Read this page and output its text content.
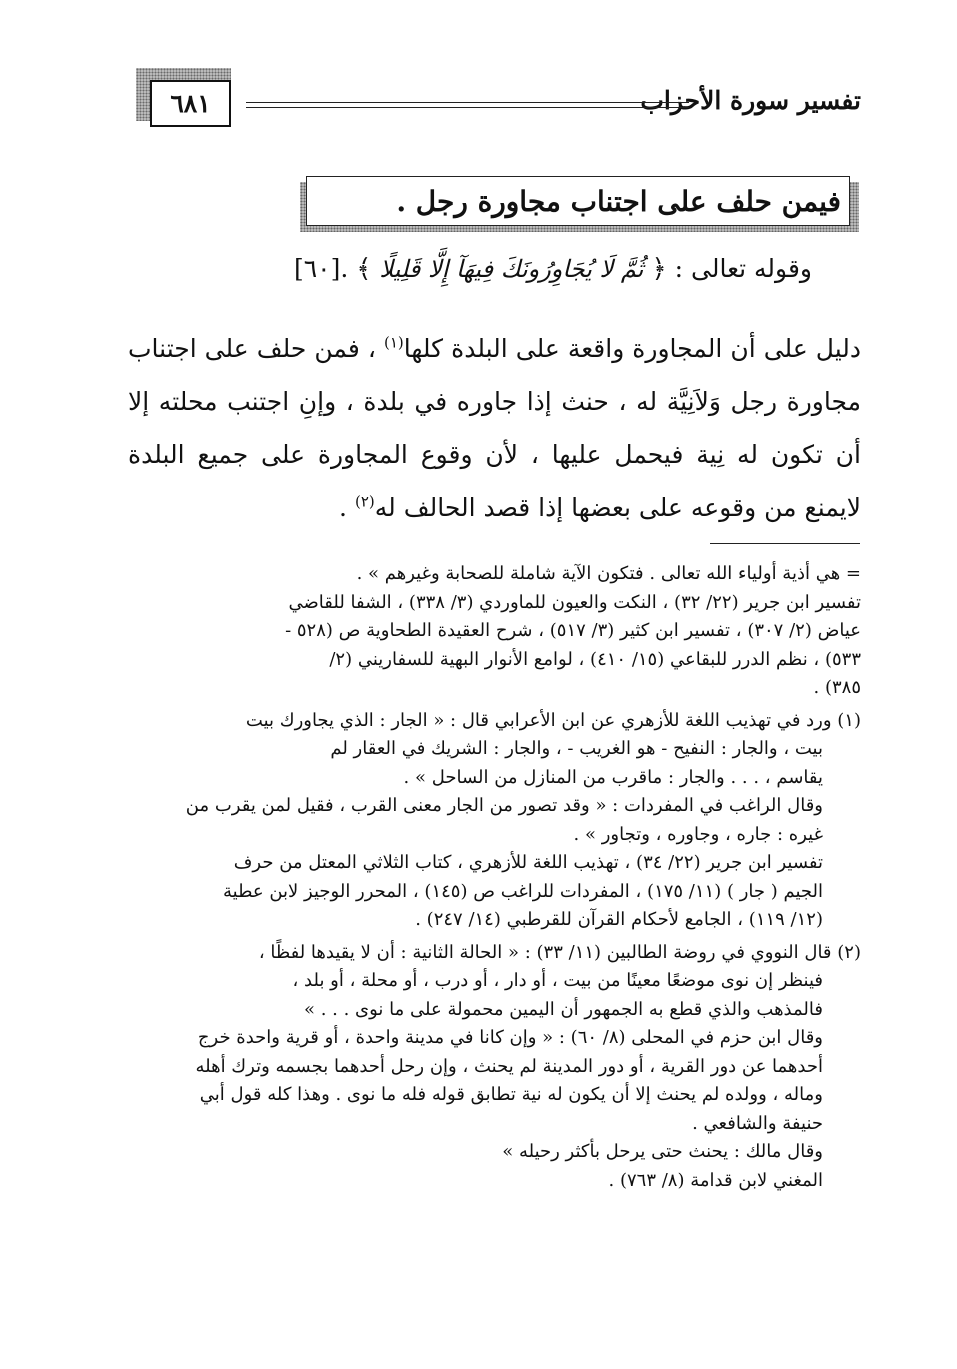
تفسير سورة الأحزاب
٦٨١
فيمن حلف على اجتناب مجاورة رجل .
وقوله تعالى : ﴿ ثُمَّ لَا يُجَاوِرُونَكَ فِيهَآ إِلَّا قَلِيلًا ﴾ .[٦٠]
دليل على أن المجاورة واقعة على البلدة كلها$^{(١)}$ ، فمن حلف على اجتناب مجاورة رجل وَلاَنِيَّة له ، حنث إذا جاوره في بلدة ، وإنِ اجتنب محلته إلا أن تكون له نِية فيحمل عليها ، لأن وقوع المجاورة على جميع البلدة لايمنع من وقوعه على بعضها إذا قصد الحالف له$^{(٢)}$ .
= هي أذية أولياء الله تعالى . فتكون الآية شاملة للصحابة وغيرهم » .
تفسير ابن جرير (٢٢/ ٣٢) ، النكت والعيون للماوردي (٣/ ٣٣٨) ، الشفا للقاضي
عياض (٢/ ٣٠٧) ، تفسير ابن كثير (٣/ ٥١٧) ، شرح العقيدة الطحاوية ص (٥٢٨ -
٥٣٣) ، نظم الدرر للبقاعي (١٥/ ٤١٠) ، لوامع الأنوار البهية للسفاريني (٢/
٣٨٥) .
(١) ورد في تهذيب اللغة للأزهري عن ابن الأعرابي قال : « الجار : الذي يجاورك بيت
بيت ، والجار : النفيح - هو الغريب - ، والجار : الشريك في العقار لم
يقاسم ، . . . والجار : ماقرب من المنازل من الساحل » .
وقال الراغب في المفردات : « وقد تصور من الجار معنى القرب ، فقيل لمن يقرب من
غيره : جاره ، وجاوره ، وتجاور » .
تفسير ابن جرير (٢٢/ ٣٤) ، تهذيب اللغة للأزهري ، كتاب الثلاثي المعتل من حرف
الجيم ( جار ) (١١/ ١٧٥) ، المفردات للراغب ص (١٤٥) ، المحرر الوجيز لابن عطية
(١٢/ ١١٩) ، الجامع لأحكام القرآن للقرطبي (١٤/ ٢٤٧) .
(٢) قال النووي في روضة الطالبين (١١/ ٣٣) : « الحالة الثانية : أن لا يقيدها لفظًا ،
فينظر إن نوى موضعًا معينًا من بيت ، أو دار ، أو درب ، أو محلة ، أو بلد ،
فالمذهب والذي قطع به الجمهور أن اليمين محمولة على ما نوى . . . »
وقال ابن حزم في المحلى (٨/ ٦٠) : « وإن كانا في مدينة واحدة ، أو قرية واحدة خرج
أحدهما عن دور القرية ، أو دور المدينة لم يحنث ، وإن رحل أحدهما بجسمه وترك أهله
وماله ، وولده لم يحنث إلا أن يكون له نية تطابق قوله فله ما نوى . وهذا كله قول أبي
حنيفة والشافعي .
وقال مالك : يحنث حتى يرحل بأكثر رحيله »
المغني لابن قدامة (٨/ ٧٦٣) .
